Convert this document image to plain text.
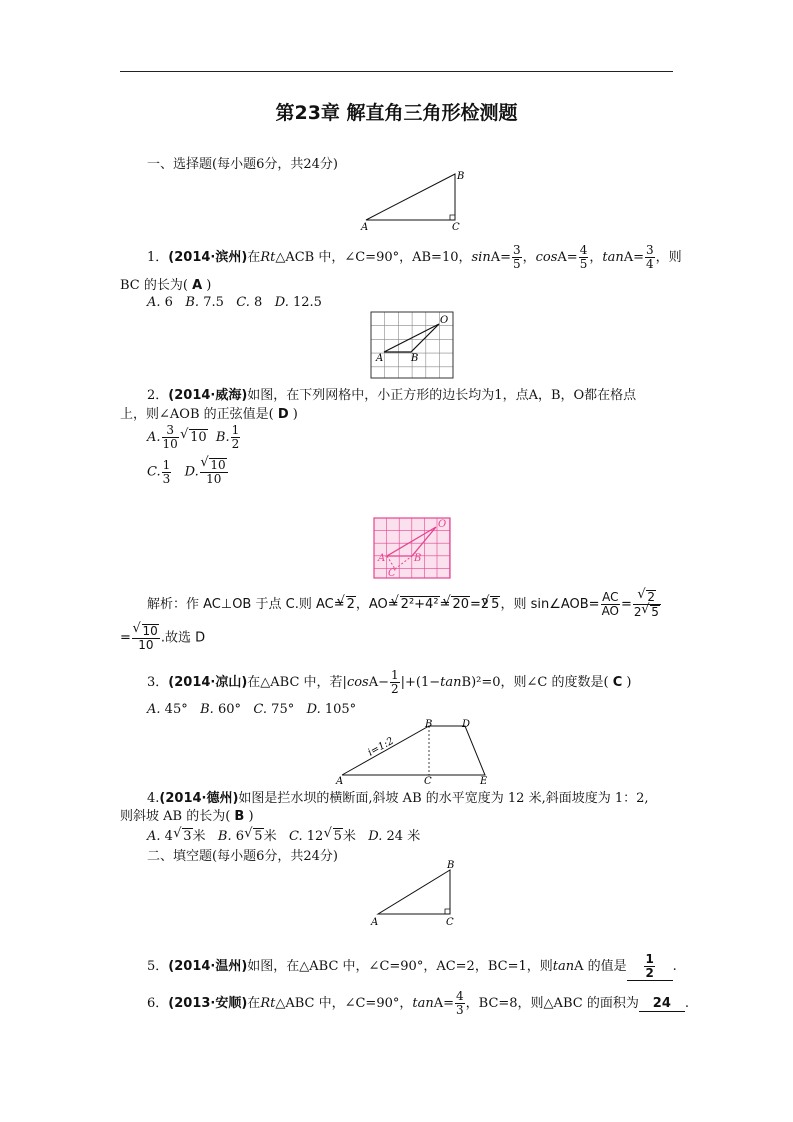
第23章 解直角三角形检测题
一、选择题(每小题6分，共24分)
A
B
C
1．(2014·滨州)在Rt△ACB 中，∠C=90°，AB=10，$\sin A= \frac{3}{5}$ ，$\cos A= \frac{4}{5}$ ，$\tan A= \frac{3}{4}$ ，则
BC 的长为( A )
A. 6 B. 7.5 C. 8 D. 12.5
A	B
O
2．(2014·威海)如图，在下列网格中，小正方形的边长均为1，点A，B，O都在格点
上，则∠AOB 的正弦值是( D )
A. $\frac{3}{10}$ √ 10 B. $\frac{1}{2}$
C. $\frac{1}{3} D$. √ $\frac{10}{10}$
O
A	B
C
解析：作 AC⊥OB 于点 C.则 AC= √ 2，AO= √ 2²+4²= √ 20=2 √ 5，则 sin∠AOB= $\frac{AC}{AO}$ = √ $\frac{2}{2 √ 5}$
= √ $\frac{10}{10}$ .故选 D
3．(2014·凉山)在△ABC 中，若$|\cos A- \frac{1}{2} |+(1-\tan B)^2=0$，则∠C 的度数是( C )
A. 45° B. 60° C. 75° D. 105°
A
B
C
D
E
i=1:2
4.(2014·德州)如图是拦水坝的横断面,斜坡 AB 的水平宽度为 12 米,斜面坡度为 1：2,
则斜坡 AB 的长为( B )
A. 4 √ 3米 B. 6 √ 5米 C. 12 √ 5米 D. 24 米
二、填空题(每小题6分，共24分)
B
A	C
5．(2014·温州)如图，在△ABC 中，∠C=90°，AC=2，BC=1，则tanA 的值是 $\frac{1}{2}$ .
6．(2013·安顺)在Rt△ABC 中，∠C=90°，$\tan A= \frac{4}{3}$ ，BC=8，则△ABC 的面积为 24 .
